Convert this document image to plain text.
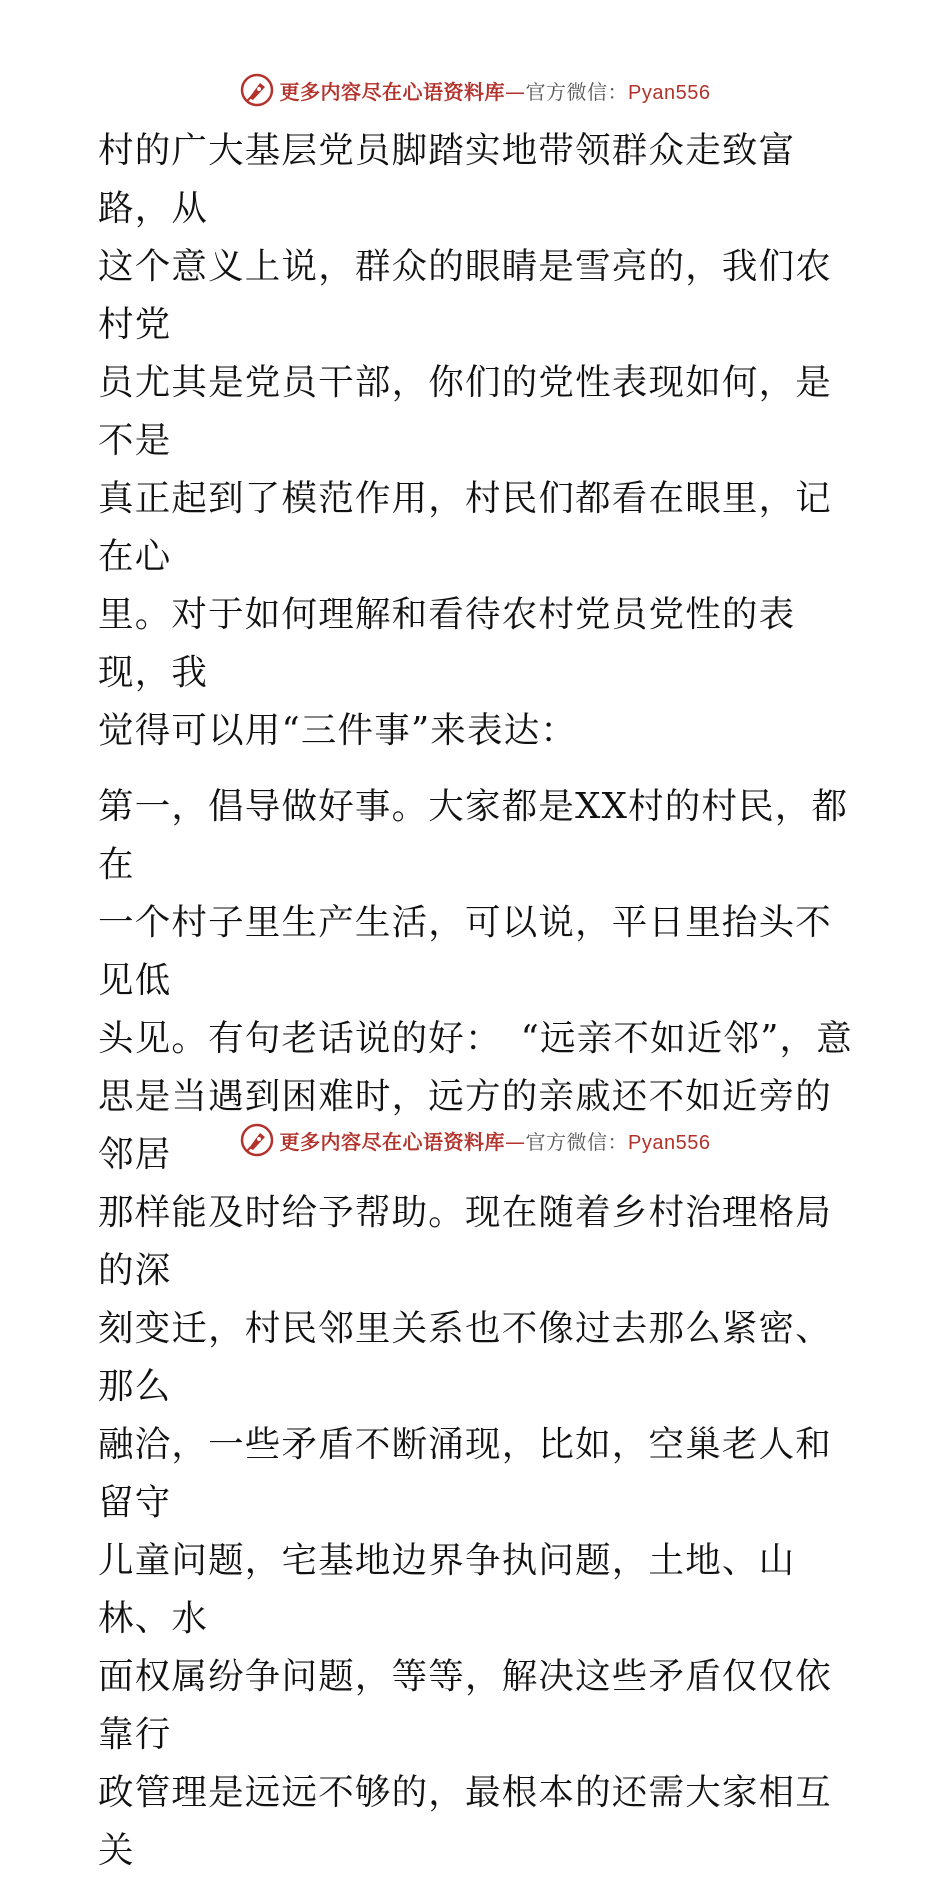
更多内容尽在心语资料库—官方微信：Pyan556

村的广大基层党员脚踏实地带领群众走致富路，从
这个意义上说，群众的眼睛是雪亮的，我们农村党
员尤其是党员干部，你们的党性表现如何，是不是
真正起到了模范作用，村民们都看在眼里，记在心
里。对于如何理解和看待农村党员党性的表现，我
觉得可以用“三件事”来表达：

第一，倡导做好事。大家都是XX村的村民，都在
一个村子里生产生活，可以说，平日里抬头不见低
头见。有句老话说的好：　“远亲不如近邻”，意
思是当遇到困难时，远方的亲戚还不如近旁的邻居
那样能及时给予帮助。现在随着乡村治理格局的深
刻变迁，村民邻里关系也不像过去那么紧密、那么
融洽，一些矛盾不断涌现，比如，空巢老人和留守
儿童问题，宅基地边界争执问题，土地、山林、水
面权属纷争问题，等等，解决这些矛盾仅仅依靠行
政管理是远远不够的，最根本的还需大家相互关

更多内容尽在心语资料库—官方微信：Pyan556
